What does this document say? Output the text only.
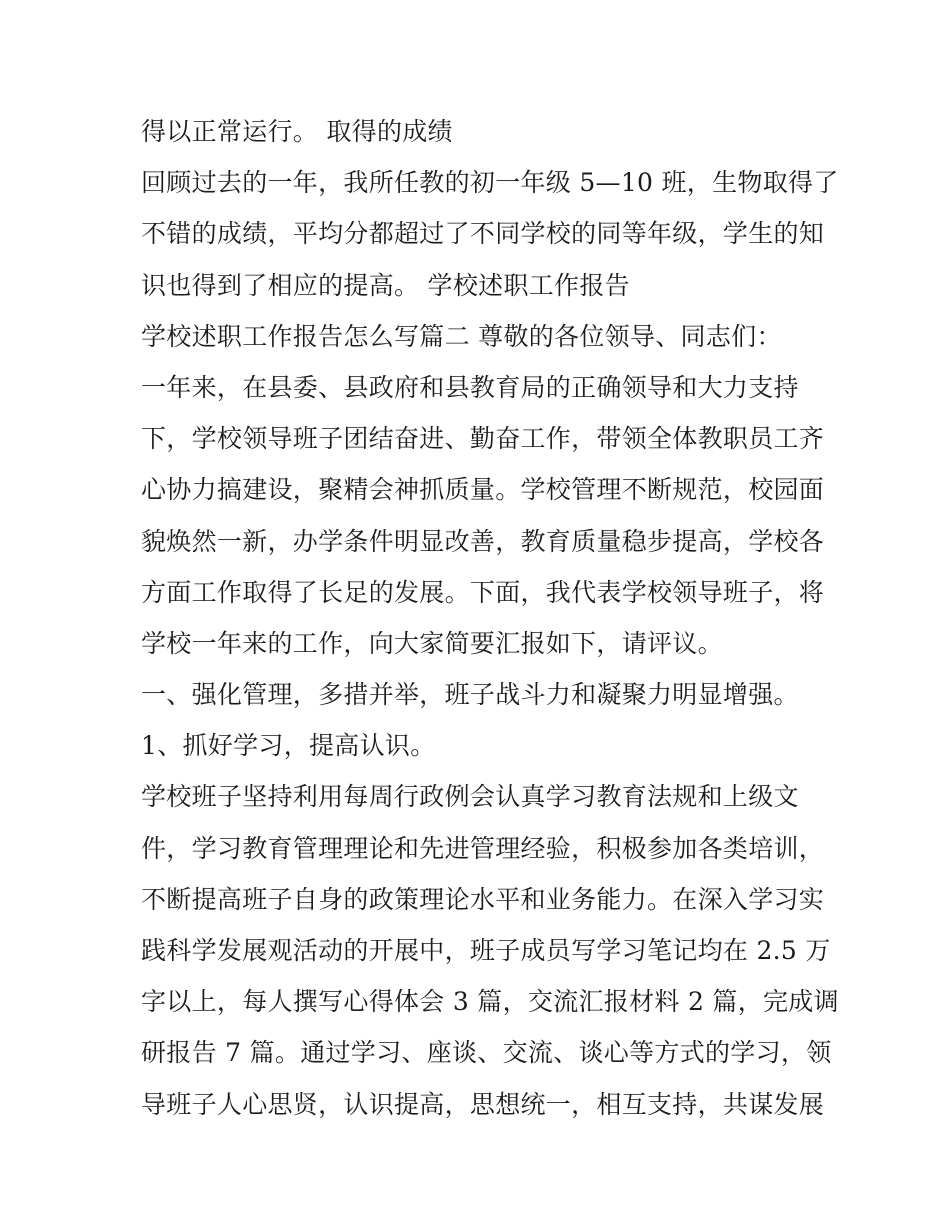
得以正常运行。 取得的成绩
回顾过去的一年，我所任教的初一年级 5—10 班，生物取得了
不错的成绩，平均分都超过了不同学校的同等年级，学生的知
识也得到了相应的提高。 学校述职工作报告
学校述职工作报告怎么写篇二 尊敬的各位领导、同志们：
一年来，在县委、县政府和县教育局的正确领导和大力支持
下，学校领导班子团结奋进、勤奋工作，带领全体教职员工齐
心协力搞建设，聚精会神抓质量。学校管理不断规范，校园面
貌焕然一新，办学条件明显改善，教育质量稳步提高，学校各
方面工作取得了长足的发展。下面，我代表学校领导班子，将
学校一年来的工作，向大家简要汇报如下，请评议。
一、强化管理，多措并举，班子战斗力和凝聚力明显增强。
1、抓好学习，提高认识。
学校班子坚持利用每周行政例会认真学习教育法规和上级文
件，学习教育管理理论和先进管理经验，积极参加各类培训，
不断提高班子自身的政策理论水平和业务能力。在深入学习实
践科学发展观活动的开展中，班子成员写学习笔记均在 2.5 万
字以上，每人撰写心得体会 3 篇，交流汇报材料 2 篇，完成调
研报告 7 篇。通过学习、座谈、交流、谈心等方式的学习，领
导班子人心思贤，认识提高，思想统一，相互支持，共谋发展
